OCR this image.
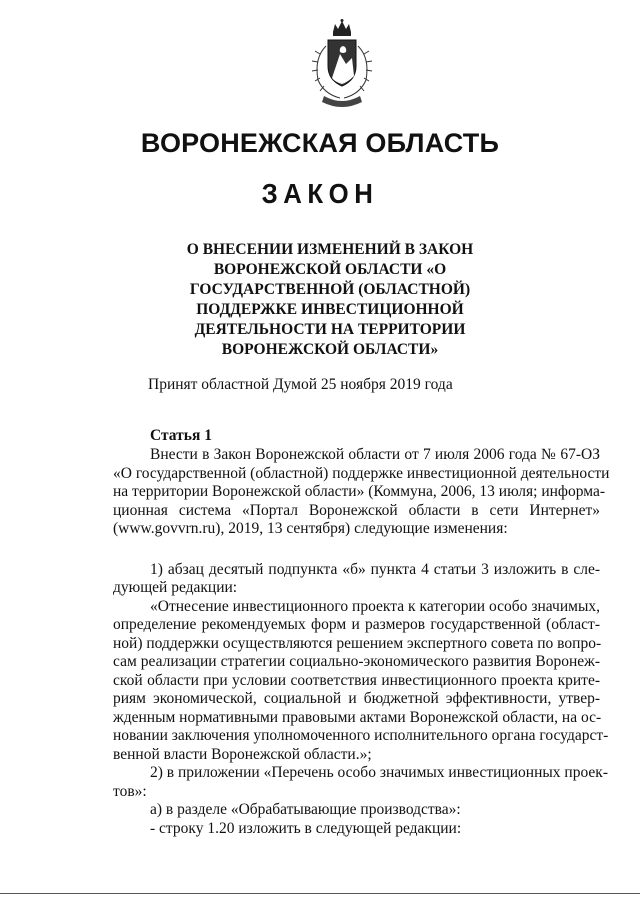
ВОРОНЕЖСКАЯ ОБЛАСТЬ
ЗАКОН
О ВНЕСЕНИИ ИЗМЕНЕНИЙ В ЗАКОН
ВОРОНЕЖСКОЙ ОБЛАСТИ «О
ГОСУДАРСТВЕННОЙ (ОБЛАСТНОЙ)
ПОДДЕРЖКЕ ИНВЕСТИЦИОННОЙ
ДЕЯТЕЛЬНОСТИ НА ТЕРРИТОРИИ
ВОРОНЕЖСКОЙ ОБЛАСТИ»
Принят областной Думой 25 ноября 2019 года
Статья 1
Внести в Закон Воронежской области от 7 июля 2006 года № 67-ОЗ
«О государственной (областной) поддержке инвестиционной деятельности
на территории Воронежской области» (Коммуна, 2006, 13 июля; информа-
ционная система «Портал Воронежской области в сети Интернет»
(www.govvrn.ru), 2019, 13 сентября) следующие изменения:
1) абзац десятый подпункта «б» пункта 4 статьи 3 изложить в сле-
дующей редакции:
«Отнесение инвестиционного проекта к категории особо значимых,
определение рекомендуемых форм и размеров государственной (област-
ной) поддержки осуществляются решением экспертного совета по вопро-
сам реализации стратегии социально-экономического развития Воронеж-
ской области при условии соответствия инвестиционного проекта крите-
риям экономической, социальной и бюджетной эффективности, утвер-
жденным нормативными правовыми актами Воронежской области, на ос-
новании заключения уполномоченного исполнительного органа государст-
венной власти Воронежской области.»;
2) в приложении «Перечень особо значимых инвестиционных проек-
тов»:
а) в разделе «Обрабатывающие производства»:
- строку 1.20 изложить в следующей редакции:
